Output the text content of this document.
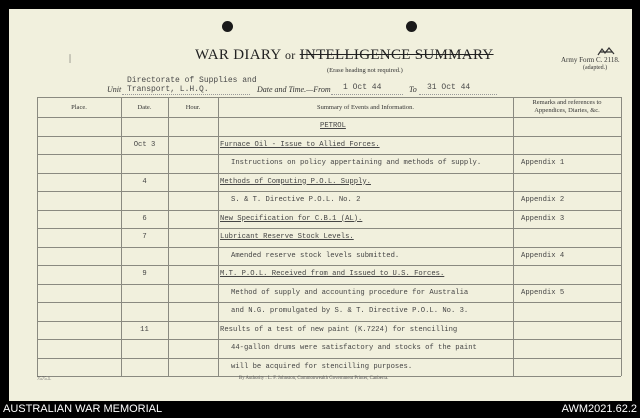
ᛁ	WAR DIARY or INTELLIGENCE SUMMARY
(Erase heading not required.)
Army Form C. 2118.
(adapted.)
Unit
Directorate of Supplies and
Transport, L.H.Q.	Date and Time.—From 1 Oct 44	To 31 Oct 44
Place.	Date.	Hour.	Summary of Events and Information.
Remarks and references to
Appendices, Diaries, &c.
PETROL
Oct 3	Furnace Oil - Issue to Allied Forces.
Instructions on policy appertaining and methods of supply.	Appendix 1
4	Methods of Computing P.O.L. Supply.
S. & T. Directive P.O.L. No. 2	Appendix 2
6	New Specification for C.B.1 (AL).	Appendix 3
7	Lubricant Reserve Stock Levels.
Amended reserve stock levels submitted.	Appendix 4
9	M.T. P.O.L. Received from and Issued to U.S. Forces.
Method of supply and accounting procedure for Australia	Appendix 5
and N.G. promulgated by S. & T. Directive P.O.L. No. 3.
11	Results of a test of new paint (K.7224) for stencilling
44-gallon drums were satisfactory and stocks of the paint
will be acquired for stencilling purposes.
7575.1.	By Authority : L. F. Johnston, Commonwealth Government Printer, Canberra.
AUSTRALIAN WAR MEMORIAL	AWM2021.62.2
